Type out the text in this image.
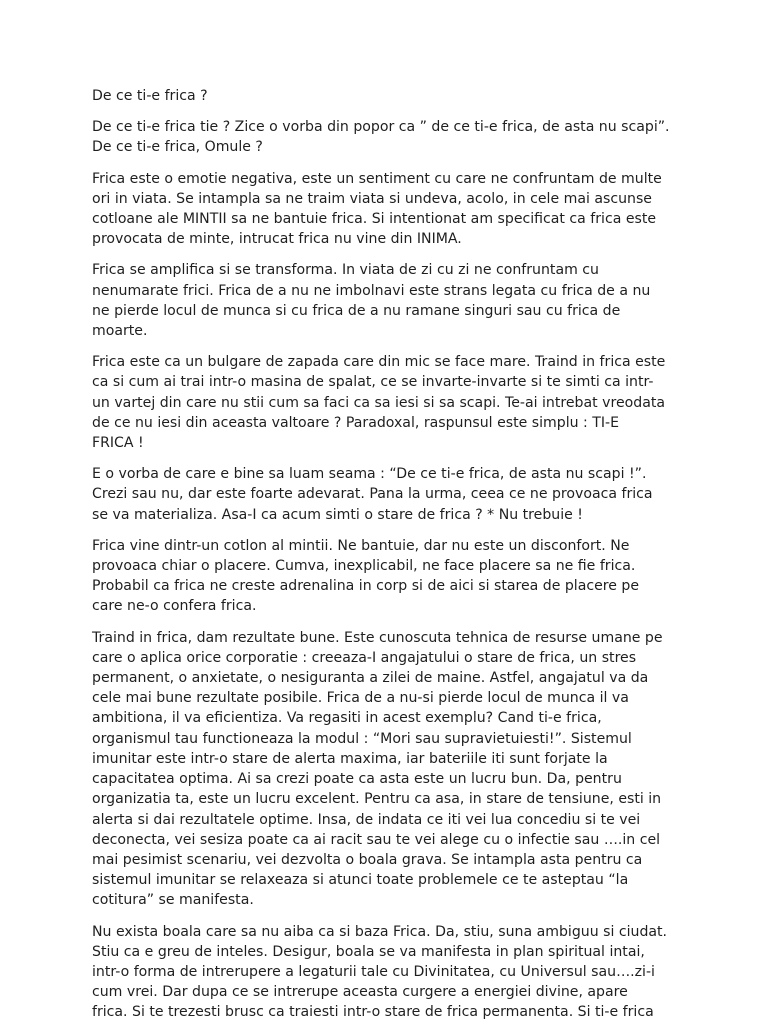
De ce ti-e frica ?

De ce ti-e frica tie ? Zice o vorba din popor ca ” de ce ti-e frica, de asta nu scapi”.
De ce ti-e frica, Omule ?

Frica este o emotie negativa, este un sentiment cu care ne confruntam de multe
ori in viata. Se intampla sa ne traim viata si undeva, acolo, in cele mai ascunse
cotloane ale MINTII sa ne bantuie frica. Si intentionat am specificat ca frica este
provocata de minte, intrucat frica nu vine din INIMA.

Frica se amplifica si se transforma. In viata de zi cu zi ne confruntam cu
nenumarate frici. Frica de a nu ne imbolnavi este strans legata cu frica de a nu
ne pierde locul de munca si cu frica de a nu ramane singuri sau cu frica de
moarte.

Frica este ca un bulgare de zapada care din mic se face mare. Traind in frica este
ca si cum ai trai intr-o masina de spalat, ce se invarte-invarte si te simti ca intr-
un vartej din care nu stii cum sa faci ca sa iesi si sa scapi. Te-ai intrebat vreodata
de ce nu iesi din aceasta valtoare ? Paradoxal, raspunsul este simplu : TI-E
FRICA !

E o vorba de care e bine sa luam seama : “De ce ti-e frica, de asta nu scapi !”.
Crezi sau nu, dar este foarte adevarat. Pana la urma, ceea ce ne provoaca frica
se va materializa. Asa-I ca acum simti o stare de frica ? * Nu trebuie !

Frica vine dintr-un cotlon al mintii. Ne bantuie, dar nu este un disconfort. Ne
provoaca chiar o placere. Cumva, inexplicabil, ne face placere sa ne fie frica.
Probabil ca frica ne creste adrenalina in corp si de aici si starea de placere pe
care ne-o confera frica.

Traind in frica, dam rezultate bune. Este cunoscuta tehnica de resurse umane pe
care o aplica orice corporatie : creeaza-I angajatului o stare de frica, un stres
permanent, o anxietate, o nesiguranta a zilei de maine. Astfel, angajatul va da
cele mai bune rezultate posibile. Frica de a nu-si pierde locul de munca il va
ambitiona, il va eficientiza. Va regasiti in acest exemplu? Cand ti-e frica,
organismul tau functioneaza la modul : “Mori sau supravietuiesti!”. Sistemul
imunitar este intr-o stare de alerta maxima, iar bateriile iti sunt forjate la
capacitatea optima. Ai sa crezi poate ca asta este un lucru bun. Da, pentru
organizatia ta, este un lucru excelent. Pentru ca asa, in stare de tensiune, esti in
alerta si dai rezultatele optime. Insa, de indata ce iti vei lua concediu si te vei
deconecta, vei sesiza poate ca ai racit sau te vei alege cu o infectie sau ….in cel
mai pesimist scenariu, vei dezvolta o boala grava. Se intampla asta pentru ca
sistemul imunitar se relaxeaza si atunci toate problemele ce te asteptau “la
cotitura” se manifesta.

Nu exista boala care sa nu aiba ca si baza Frica. Da, stiu, suna ambiguu si ciudat.
Stiu ca e greu de inteles. Desigur, boala se va manifesta in plan spiritual intai,
intr-o forma de intrerupere a legaturii tale cu Divinitatea, cu Universul sau….zi-i
cum vrei. Dar dupa ce se intrerupe aceasta curgere a energiei divine, apare
frica. Si te trezesti brusc ca traiesti intr-o stare de frica permanenta. Si ti-e frica
